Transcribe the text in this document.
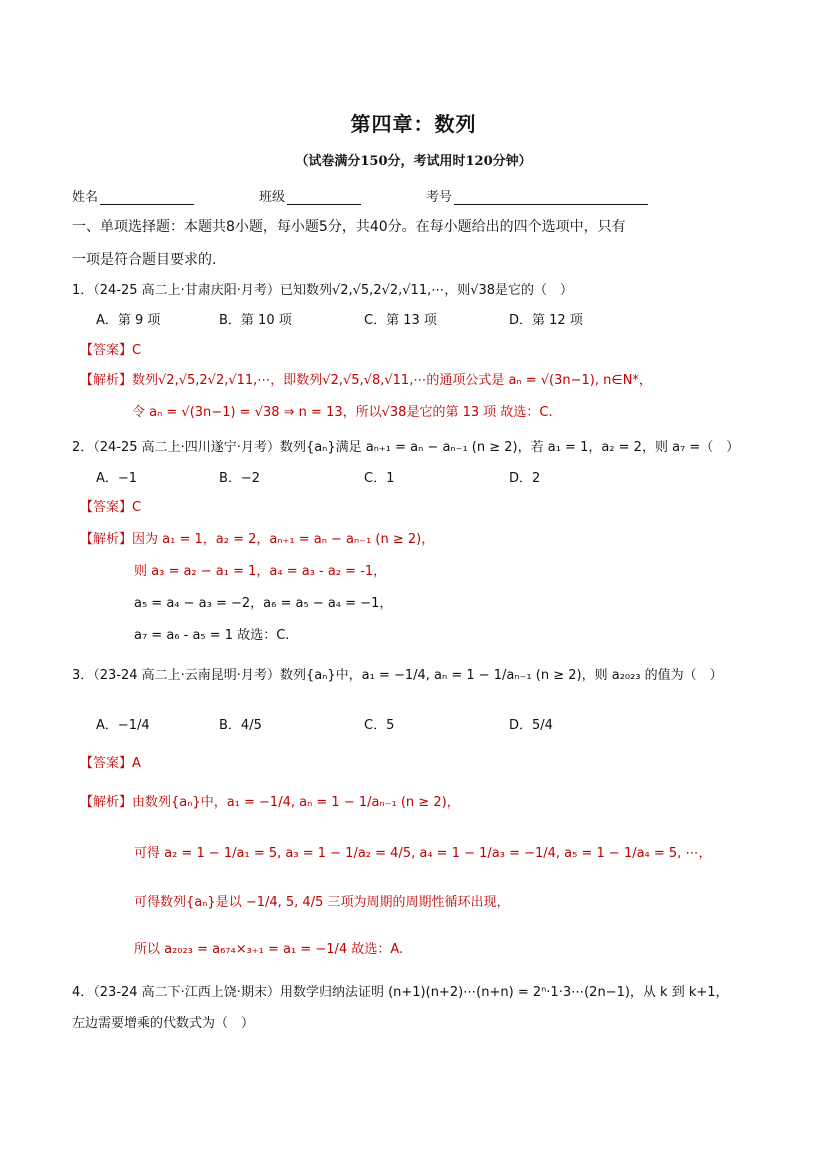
第四章：数列
（试卷满分150分，考试用时120分钟）
姓名	班级	考号
一、单项选择题：本题共8小题，每小题5分，共40分。在每小题给出的四个选项中，只有
一项是符合题目要求的.
1．（24-25 高二上·甘肃庆阳·月考）已知数列√2,√5,2√2,√11,⋯，则√38是它的（　）
A．第 9 项	B．第 10 项	C．第 13 项	D．第 12 项
【答案】C
【解析】数列√2,√5,2√2,√11,⋯，即数列√2,√5,√8,√11,⋯的通项公式是 aₙ = √(3n−1), n∈N*，
令 aₙ = √(3n−1) = √38 ⇒ n = 13，所以√38是它的第 13 项 故选：C.
2．（24-25 高二上·四川遂宁·月考）数列{aₙ}满足 aₙ₊₁ = aₙ − aₙ₋₁ (n ≥ 2)，若 a₁ = 1，a₂ = 2，则 a₇ =（　）
A．−1	B．−2	C．1	D．2
【答案】C
【解析】因为 a₁ = 1，a₂ = 2，aₙ₊₁ = aₙ − aₙ₋₁ (n ≥ 2)，
则 a₃ = a₂ − a₁ = 1，a₄ = a₃ - a₂ = -1，
a₅ = a₄ − a₃ = −2，a₆ = a₅ − a₄ = −1，
a₇ = a₆ - a₅ = 1 故选：C.
3．（23-24 高二上·云南昆明·月考）数列{aₙ}中，a₁ = −1/4, aₙ = 1 − 1/aₙ₋₁ (n ≥ 2)，则 a₂₀₂₃ 的值为（　）
A．−1/4	B．4/5	C．5	D．5/4
【答案】A
【解析】由数列{aₙ}中，a₁ = −1/4, aₙ = 1 − 1/aₙ₋₁ (n ≥ 2)，
可得 a₂ = 1 − 1/a₁ = 5, a₃ = 1 − 1/a₂ = 4/5, a₄ = 1 − 1/a₃ = −1/4, a₅ = 1 − 1/a₄ = 5, ⋯，
可得数列{aₙ}是以 −1/4, 5, 4/5 三项为周期的周期性循环出现，
所以 a₂₀₂₃ = a₆₇₄×₃₊₁ = a₁ = −1/4 故选：A.
4．（23-24 高二下·江西上饶·期末）用数学归纳法证明 (n+1)(n+2)⋯(n+n) = 2ⁿ·1·3⋯(2n−1)，从 k 到 k+1，
左边需要增乘的代数式为（　）
